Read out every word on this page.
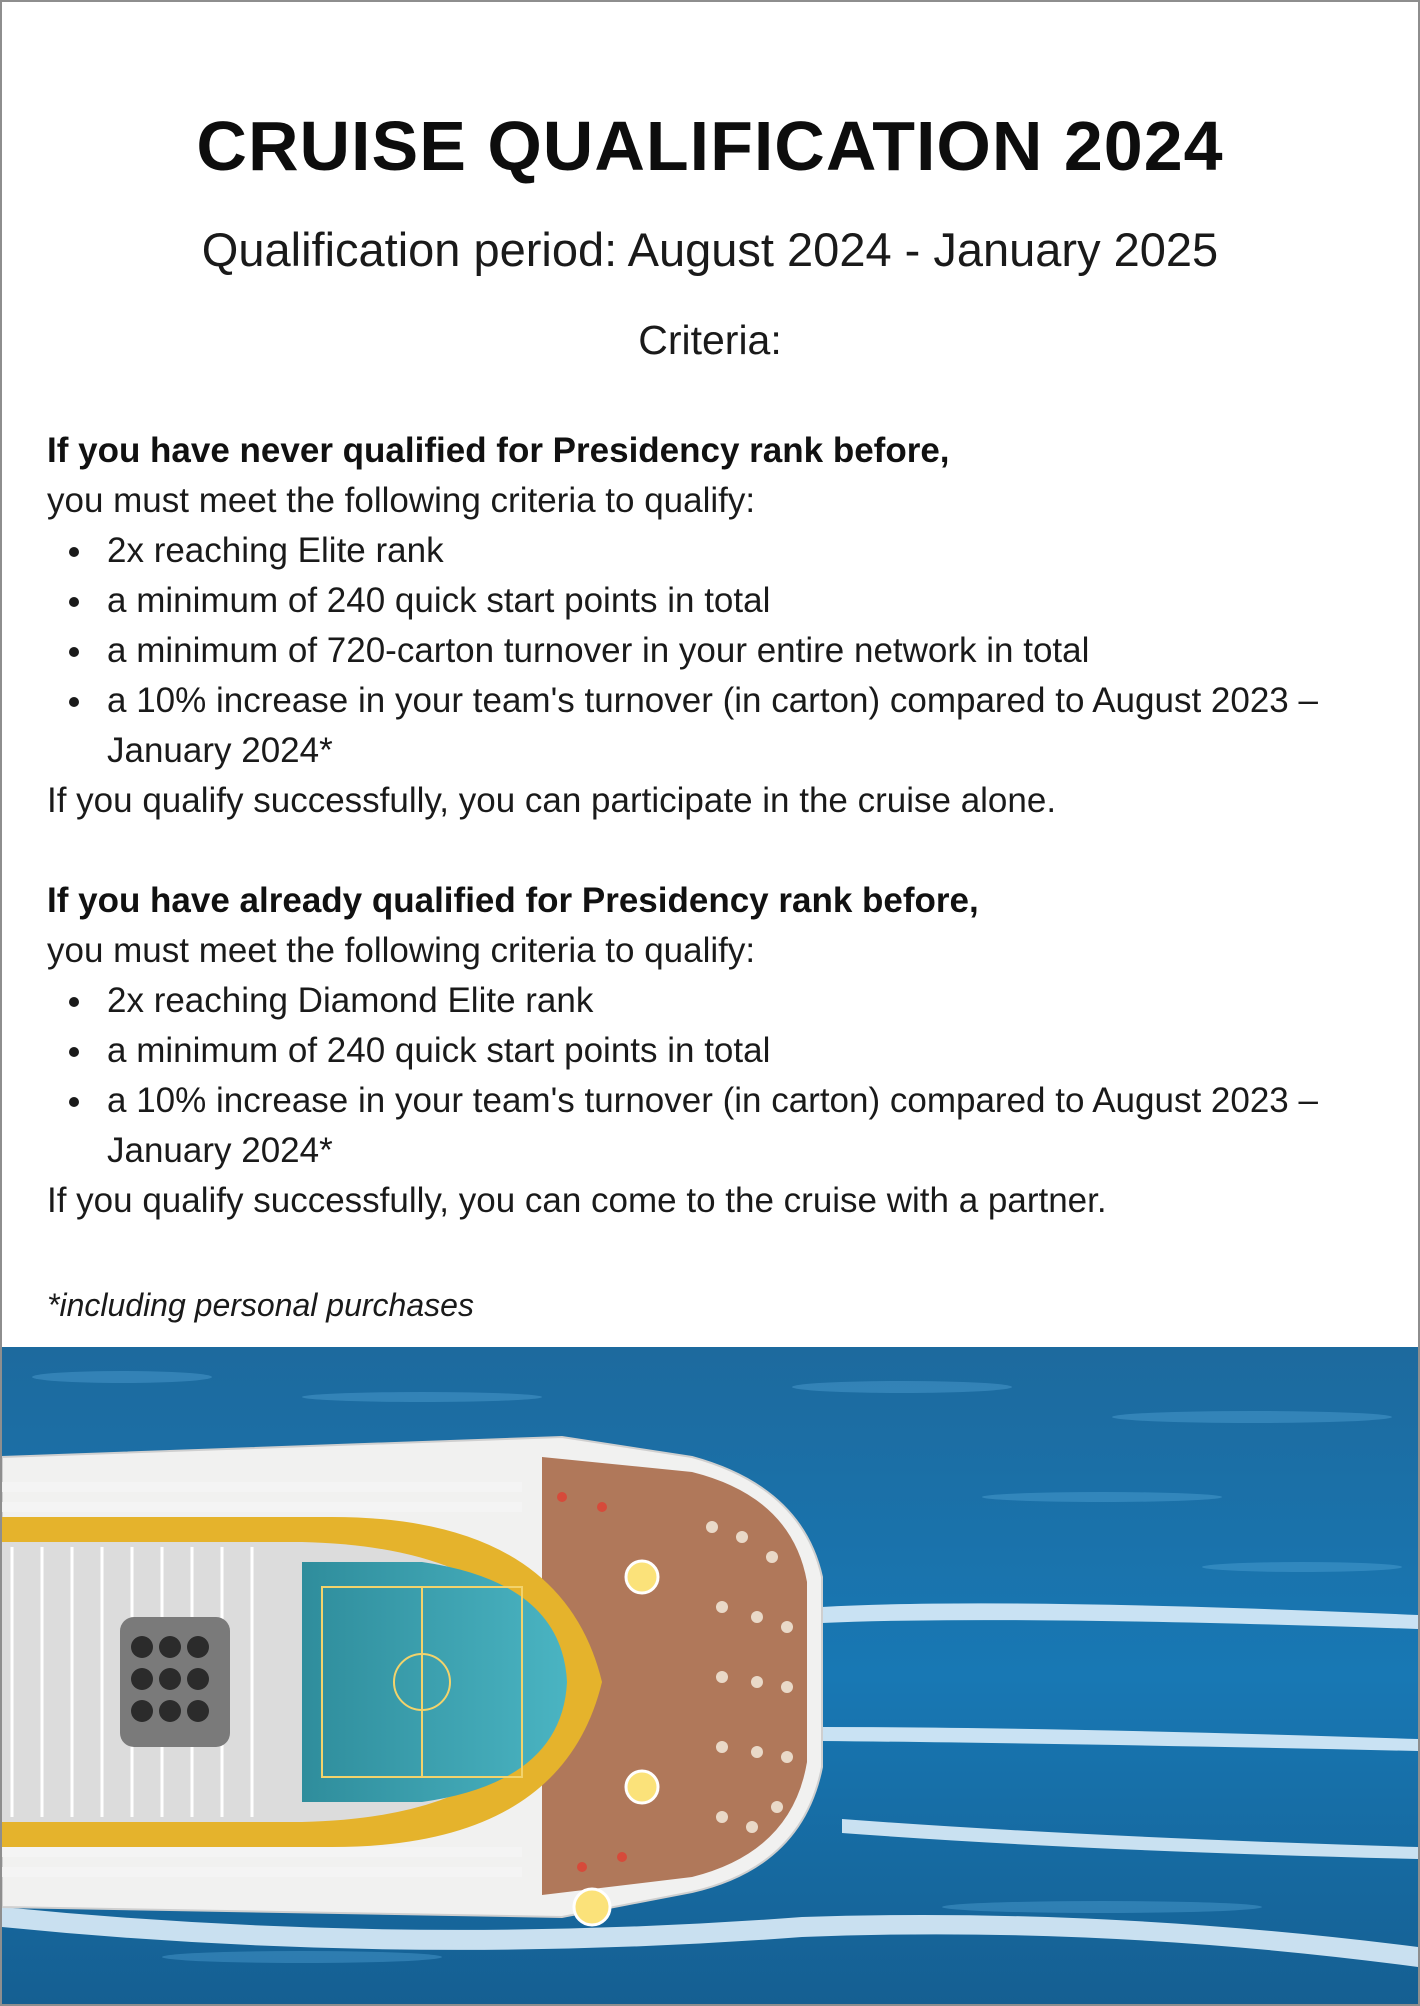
CRUISE QUALIFICATION 2024
Qualification period: August 2024 - January 2025
Criteria:

If you have never qualified for Presidency rank before,

you must meet the following criteria to qualify:

2x reaching Elite rank
a minimum of 240 quick start points in total
a minimum of 720-carton turnover in your entire network in total
a 10% increase in your team's turnover (in carton) compared to August 2023 – January 2024*

If you qualify successfully, you can participate in the cruise alone.

If you have already qualified for Presidency rank before,

you must meet the following criteria to qualify:

2x reaching Diamond Elite rank
a minimum of 240 quick start points in total
a 10% increase in your team's turnover (in carton) compared to August 2023 – January 2024*

If you qualify successfully, you can come to the cruise with a partner.

*including personal purchases
